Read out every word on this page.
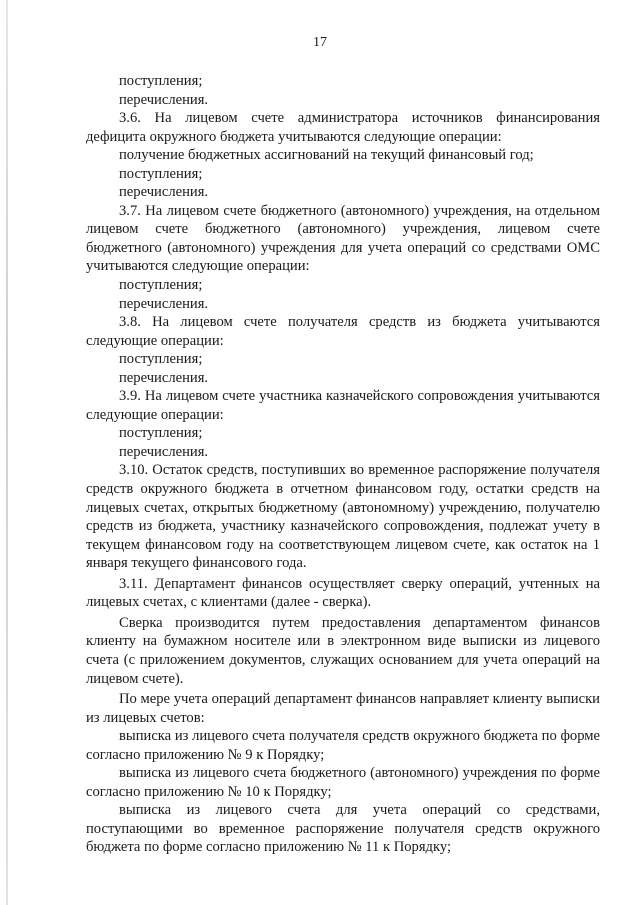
17

поступления;

перечисления.

3.6. На лицевом счете администратора источников финансирования дефицита окружного бюджета учитываются следующие операции:

получение бюджетных ассигнований на текущий финансовый год;

поступления;

перечисления.

3.7. На лицевом счете бюджетного (автономного) учреждения, на отдельном лицевом счете бюджетного (автономного) учреждения, лицевом счете бюджетного (автономного) учреждения для учета операций со средствами ОМС учитываются следующие операции:

поступления;

перечисления.

3.8. На лицевом счете получателя средств из бюджета учитываются следующие операции:

поступления;

перечисления.

3.9. На лицевом счете участника казначейского сопровождения учитываются следующие операции:

поступления;

перечисления.

3.10. Остаток средств, поступивших во временное распоряжение получателя средств окружного бюджета в отчетном финансовом году, остатки средств на лицевых счетах, открытых бюджетному (автономному) учреждению, получателю средств из бюджета, участнику казначейского сопровождения, подлежат учету в текущем финансовом году на соответствующем лицевом счете, как остаток на 1 января текущего финансового года.

3.11. Департамент финансов осуществляет сверку операций, учтенных на лицевых счетах, с клиентами (далее - сверка).

Сверка производится путем предоставления департаментом финансов клиенту на бумажном носителе или в электронном виде выписки из лицевого счета (с приложением документов, служащих основанием для учета операций на лицевом счете).

По мере учета операций департамент финансов направляет клиенту выписки из лицевых счетов:

выписка из лицевого счета получателя средств окружного бюджета по форме согласно приложению № 9 к Порядку;

выписка из лицевого счета бюджетного (автономного) учреждения по форме согласно приложению № 10 к Порядку;

выписка из лицевого счета для учета операций со средствами, поступающими во временное распоряжение получателя средств окружного бюджета по форме согласно приложению № 11 к Порядку;
